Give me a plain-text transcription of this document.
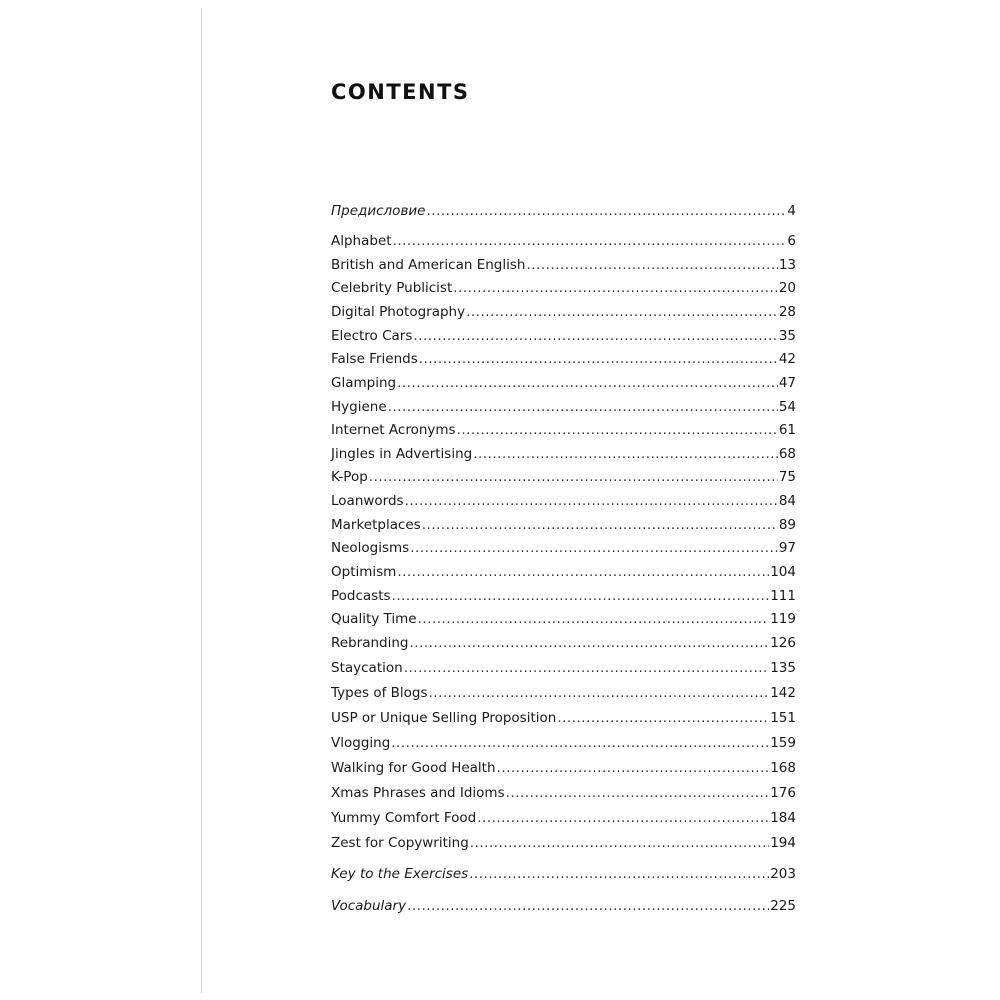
CONTENTS
Предисловие .....	4
Alphabet .....	6
British and American English .....	13
Celebrity Publicist .....	20
Digital Photography .....	28
Electro Cars .....	35
False Friends .....	42
Glamping .....	47
Hygiene .....	54
Internet Acronyms .....	61
Jingles in Advertising .....	68
K-Pop .....	75
Loanwords .....	84
Marketplaces .....	89
Neologisms .....	97
Optimism .....	104
Podcasts .....	111
Quality Time .....	119
Rebranding .....	126
Staycation .....	135
Types of Blogs .....	142
USP or Unique Selling Proposition .....	151
Vlogging .....	159
Walking for Good Health .....	168
Xmas Phrases and Idioms .....	176
Yummy Comfort Food .....	184
Zest for Copywriting .....	194
Key to the Exercises .....	203
Vocabulary .....	225
